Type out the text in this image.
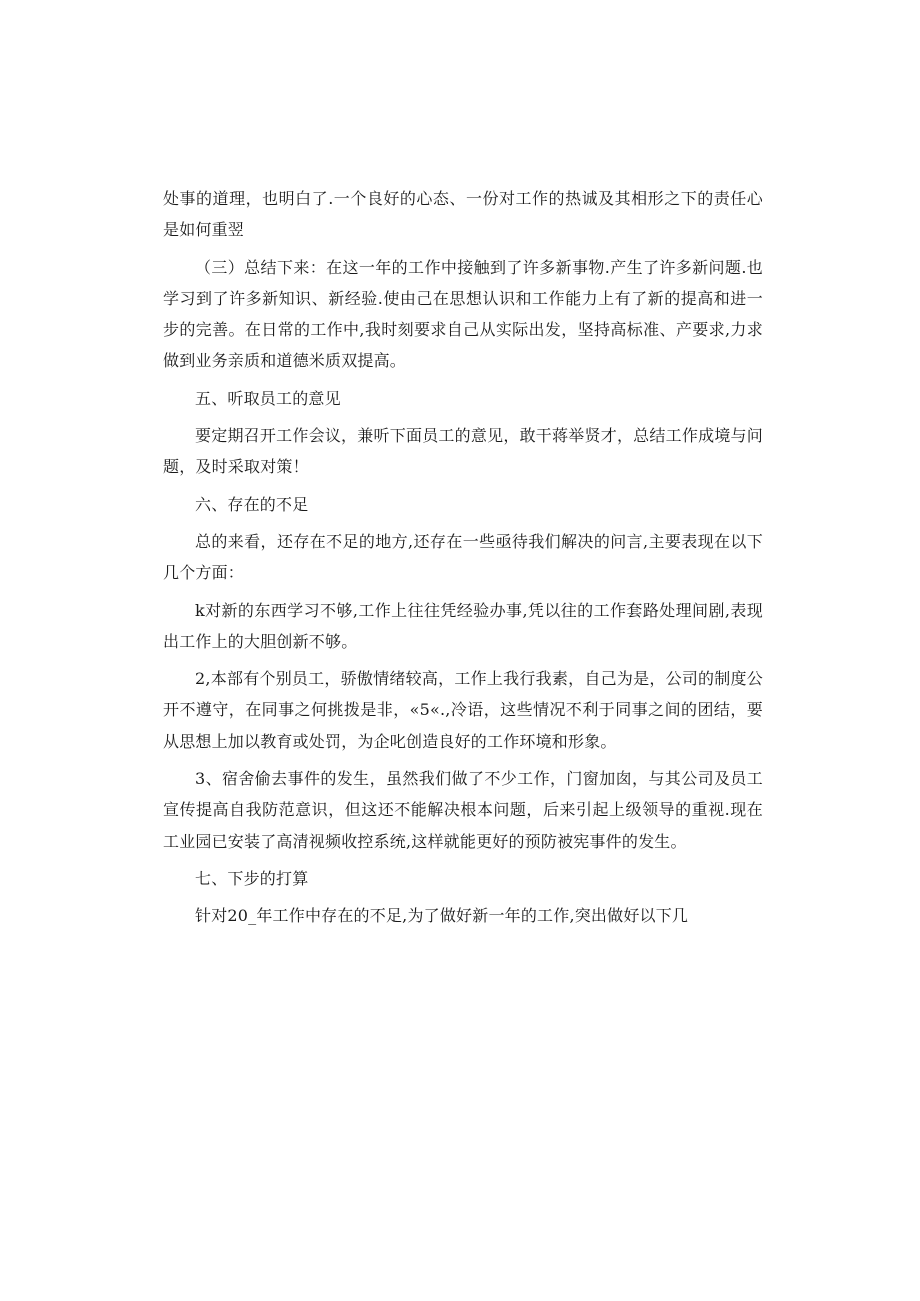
处事的道理，也明白了.一个良好的心态、一份对工作的热诚及其相形之下的责任心是如何重翌

（三）总结下来：在这一年的工作中接触到了许多新事物.产生了许多新问题.也学习到了许多新知识、新经验.使由己在思想认识和工作能力上有了新的提高和进一步的完善。在日常的工作中,我时刻要求自己从实际出发，坚持高标准、产要求,力求做到业务亲质和道德米质双提高。

五、听取员工的意见

要定期召开工作会议，兼听下面员工的意见，敢干蒋举贤才，总结工作成境与问题，及时采取对策！

六、存在的不足

总的来看，还存在不足的地方,还存在一些亟待我们解决的问言,主要表现在以下几个方面：

k对新的东西学习不够,工作上往往凭经验办事,凭以往的工作套路处理间剧,表现出工作上的大胆创新不够。

2,本部有个别员工，骄傲情绪较高，工作上我行我素，自己为是，公司的制度公开不遵守，在同事之何挑拨是非，«5«.,冷语，这些情况不利于同事之间的团结，要从思想上加以教育或处罚，为企叱创造良好的工作环境和形象。

3、宿舍偷去事件的发生，虽然我们做了不少工作，门窗加囱，与其公司及员工宣传提高自我防范意识，但这还不能解决根本问题，后来引起上级领导的重视.现在工业园已安装了高清视频收控系统,这样就能更好的预防被宪事件的发生。

七、下步的打算

针对20_年工作中存在的不足,为了做好新一年的工作,突出做好以下几
